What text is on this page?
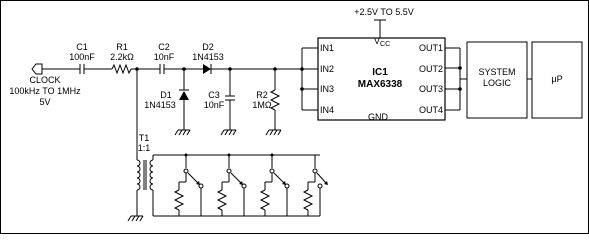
CLOCK
100kHz TO 1MHz
5V
C1
100nF
R1
2.2kΩ
C2
10nF
D2
1N4153
D1
1N4153
C3
10nF
R2
1MΩ
IN1
IN2
IN3
IN4
OUT1
OUT2
OUT3
OUT4
IC1
MAX6338
GND
$V_{CC}$
+2.5V TO 5.5V
SYSTEM
LOGIC	μP
T1
1:1
